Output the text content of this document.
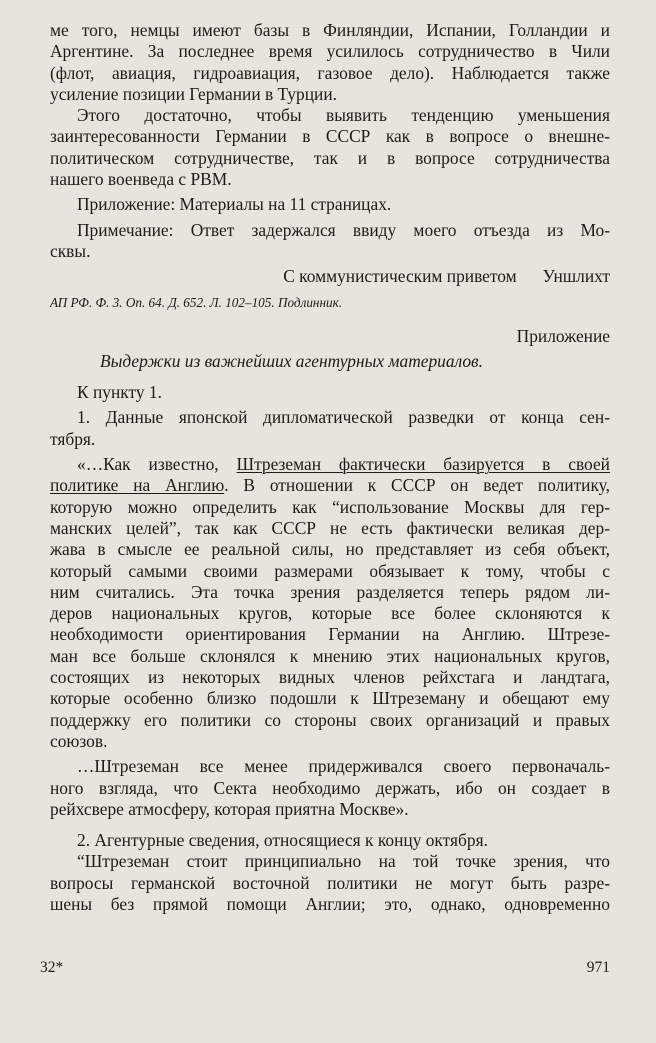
ме того, немцы имеют базы в Финляндии, Испании, Голландии и
Аргентине. За последнее время усилилось сотрудничество в Чили
(флот, авиация, гидроавиация, газовое дело). Наблюдается также
усиление позиции Германии в Турции.
Этого достаточно, чтобы выявить тенденцию уменьшения
заинтересованности Германии в СССР как в вопросе о внешне-
политическом сотрудничестве, так и в вопросе сотрудничества
нашего военведа с РВМ.
Приложение: Материалы на 11 страницах.
Примечание: Ответ задержался ввиду моего отъезда из Мо-
сквы.
С коммунистическим приветом Уншлихт
АП РФ. Ф. 3. Оп. 64. Д. 652. Л. 102–105. Подлинник.
Приложение
Выдержки из важнейших агентурных материалов.
К пункту 1.
1. Данные японской дипломатической разведки от конца сен-
тября.
«…Как известно, Штреземан фактически базируется в своей
политике на Англию. В отношении к СССР он ведет политику,
которую можно определить как “использование Москвы для гер-
манских целей”, так как СССР не есть фактически великая дер-
жава в смысле ее реальной силы, но представляет из себя объект,
который самыми своими размерами обязывает к тому, чтобы с
ним считались. Эта точка зрения разделяется теперь рядом ли-
деров национальных кругов, которые все более склоняются к
необходимости ориентирования Германии на Англию. Штрезе-
ман все больше склонялся к мнению этих национальных кругов,
состоящих из некоторых видных членов рейхстага и ландтага,
которые особенно близко подошли к Штреземану и обещают ему
поддержку его политики со стороны своих организаций и правых
союзов.
…Штреземан все менее придерживался своего первоначаль-
ного взгляда, что Секта необходимо держать, ибо он создает в
рейхсвере атмосферу, которая приятна Москве».
2. Агентурные сведения, относящиеся к концу октября.
“Штреземан стоит принципиально на той точке зрения, что
вопросы германской восточной политики не могут быть разре-
шены без прямой помощи Англии; это, однако, одновременно
32*	971
